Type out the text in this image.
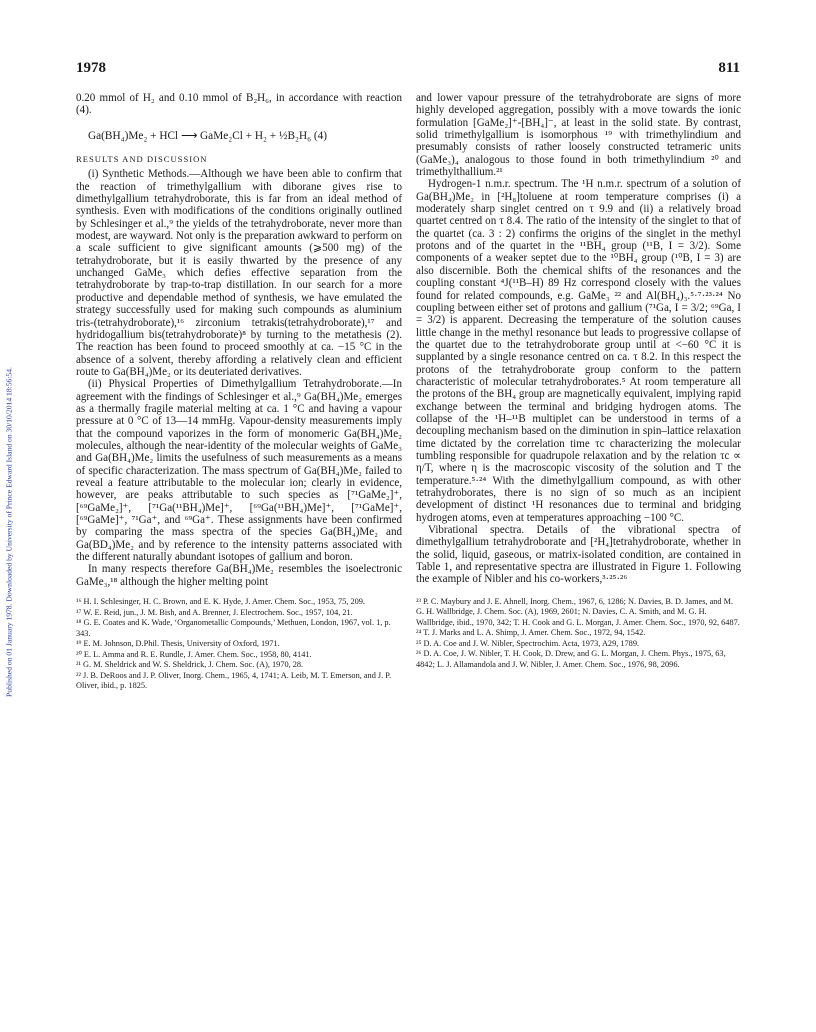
Published on 01 January 1978. Downloaded by University of Prince Edward Island on 30/10/2014 18:56:54.
1978	811

0.20 mmol of H₂ and 0.10 mmol of B₂H₆, in accordance with reaction (4).

Ga(BH₄)Me₂ + HCl ⟶ GaMe₂Cl + H₂ + ½B₂H₆ (4)
RESULTS AND DISCUSSION

(i) Synthetic Methods.—Although we have been able to confirm that the reaction of trimethylgallium with diborane gives rise to dimethylgallium tetrahydroborate, this is far from an ideal method of synthesis. Even with modifications of the conditions originally outlined by Schlesinger et al.,⁹ the yields of the tetrahydroborate, never more than modest, are wayward. Not only is the preparation awkward to perform on a scale sufficient to give significant amounts (⩾500 mg) of the tetrahydroborate, but it is easily thwarted by the presence of any unchanged GaMe₃ which defies effective separation from the tetrahydroborate by trap-to-trap distillation. In our search for a more productive and dependable method of synthesis, we have emulated the strategy successfully used for making such compounds as aluminium tris-(tetrahydroborate),¹⁶ zirconium tetrakis(tetrahydroborate),¹⁷ and hydridogallium bis(tetrahydroborate)⁸ by turning to the metathesis (2). The reaction has been found to proceed smoothly at ca. −15 °C in the absence of a solvent, thereby affording a relatively clean and efficient route to Ga(BH₄)Me₂ or its deuteriated derivatives.

(ii) Physical Properties of Dimethylgallium Tetrahydroborate.—In agreement with the findings of Schlesinger et al.,⁹ Ga(BH₄)Me₂ emerges as a thermally fragile material melting at ca. 1 °C and having a vapour pressure at 0 °C of 13—14 mmHg. Vapour-density measurements imply that the compound vaporizes in the form of monomeric Ga(BH₄)Me₂ molecules, although the near-identity of the molecular weights of GaMe₃ and Ga(BH₄)Me₂ limits the usefulness of such measurements as a means of specific characterization. The mass spectrum of Ga(BH₄)Me₂ failed to reveal a feature attributable to the molecular ion; clearly in evidence, however, are peaks attributable to such species as [⁷¹GaMe₂]⁺, [⁶⁹GaMe₂]⁺, [⁷¹Ga(¹¹BH₄)Me]⁺, [⁶⁹Ga(¹¹BH₄)Me]⁺, [⁷¹GaMe]⁺, [⁶⁹GaMe]⁺, ⁷¹Ga⁺, and ⁶⁹Ga⁺. These assignments have been confirmed by comparing the mass spectra of the species Ga(BH₄)Me₂ and Ga(BD₄)Me₂ and by reference to the intensity patterns associated with the different naturally abundant isotopes of gallium and boron.

In many respects therefore Ga(BH₄)Me₂ resembles the isoelectronic GaMe₃,¹⁸ although the higher melting point

¹⁶ H. I. Schlesinger, H. C. Brown, and E. K. Hyde, J. Amer. Chem. Soc., 1953, 75, 209.
¹⁷ W. E. Reid, jun., J. M. Bish, and A. Brenner, J. Electrochem. Soc., 1957, 104, 21.
¹⁸ G. E. Coates and K. Wade, ‘Organometallic Compounds,’ Methuen, London, 1967, vol. 1, p. 343.
¹⁹ E. M. Johnson, D.Phil. Thesis, University of Oxford, 1971.
²⁰ E. L. Amma and R. E. Rundle, J. Amer. Chem. Soc., 1958, 80, 4141.
²¹ G. M. Sheldrick and W. S. Sheldrick, J. Chem. Soc. (A), 1970, 28.
²² J. B. DeRoos and J. P. Oliver, Inorg. Chem., 1965, 4, 1741; A. Leib, M. T. Emerson, and J. P. Oliver, ibid., p. 1825.

and lower vapour pressure of the tetrahydroborate are signs of more highly developed aggregation, possibly with a move towards the ionic formulation [GaMe₂]⁺-[BH₄]⁻, at least in the solid state. By contrast, solid trimethylgallium is isomorphous ¹⁹ with trimethylindium and presumably consists of rather loosely constructed tetrameric units (GaMe₃)₄ analogous to those found in both trimethylindium ²⁰ and trimethylthallium.²¹

Hydrogen-1 n.m.r. spectrum. The ¹H n.m.r. spectrum of a solution of Ga(BH₄)Me₂ in [²H₈]toluene at room temperature comprises (i) a moderately sharp singlet centred on τ 9.9 and (ii) a relatively broad quartet centred on τ 8.4. The ratio of the intensity of the singlet to that of the quartet (ca. 3 : 2) confirms the origins of the singlet in the methyl protons and of the quartet in the ¹¹BH₄ group (¹¹B, I = 3/2). Some components of a weaker septet due to the ¹⁰BH₄ group (¹⁰B, I = 3) are also discernible. Both the chemical shifts of the resonances and the coupling constant ⁴J(¹¹B–H) 89 Hz correspond closely with the values found for related compounds, e.g. GaMe₃ ²² and Al(BH₄)₃.⁵·⁷·²³·²⁴ No coupling between either set of protons and gallium (⁷¹Ga, I = 3/2; ⁶⁹Ga, I = 3/2) is apparent. Decreasing the temperature of the solution causes little change in the methyl resonance but leads to progressive collapse of the quartet due to the tetrahydroborate group until at <−60 °C it is supplanted by a single resonance centred on ca. τ 8.2. In this respect the protons of the tetrahydroborate group conform to the pattern characteristic of molecular tetrahydroborates.⁵ At room temperature all the protons of the BH₄ group are magnetically equivalent, implying rapid exchange between the terminal and bridging hydrogen atoms. The collapse of the ¹H–¹¹B multiplet can be understood in terms of a decoupling mechanism based on the diminution in spin–lattice relaxation time dictated by the correlation time τc characterizing the molecular tumbling responsible for quadrupole relaxation and by the relation τc ∝ η/T, where η is the macroscopic viscosity of the solution and T the temperature.⁵·²⁴ With the dimethylgallium compound, as with other tetrahydroborates, there is no sign of so much as an incipient development of distinct ¹H resonances due to terminal and bridging hydrogen atoms, even at temperatures approaching −100 °C.

Vibrational spectra. Details of the vibrational spectra of dimethylgallium tetrahydroborate and [²H₄]tetrahydroborate, whether in the solid, liquid, gaseous, or matrix-isolated condition, are contained in Table 1, and representative spectra are illustrated in Figure 1. Following the example of Nibler and his co-workers,³·²⁵·²⁶

²³ P. C. Maybury and J. E. Ahnell, Inorg. Chem., 1967, 6, 1286; N. Davies, B. D. James, and M. G. H. Wallbridge, J. Chem. Soc. (A), 1969, 2601; N. Davies, C. A. Smith, and M. G. H. Wallbridge, ibid., 1970, 342; T. H. Cook and G. L. Morgan, J. Amer. Chem. Soc., 1970, 92, 6487.
²⁴ T. J. Marks and L. A. Shimp, J. Amer. Chem. Soc., 1972, 94, 1542.
²⁵ D. A. Coe and J. W. Nibler, Spectrochim. Acta, 1973, A29, 1789.
²⁶ D. A. Coe, J. W. Nibler, T. H. Cook, D. Drew, and G. L. Morgan, J. Chem. Phys., 1975, 63, 4842; L. J. Allamandola and J. W. Nibler, J. Amer. Chem. Soc., 1976, 98, 2096.
